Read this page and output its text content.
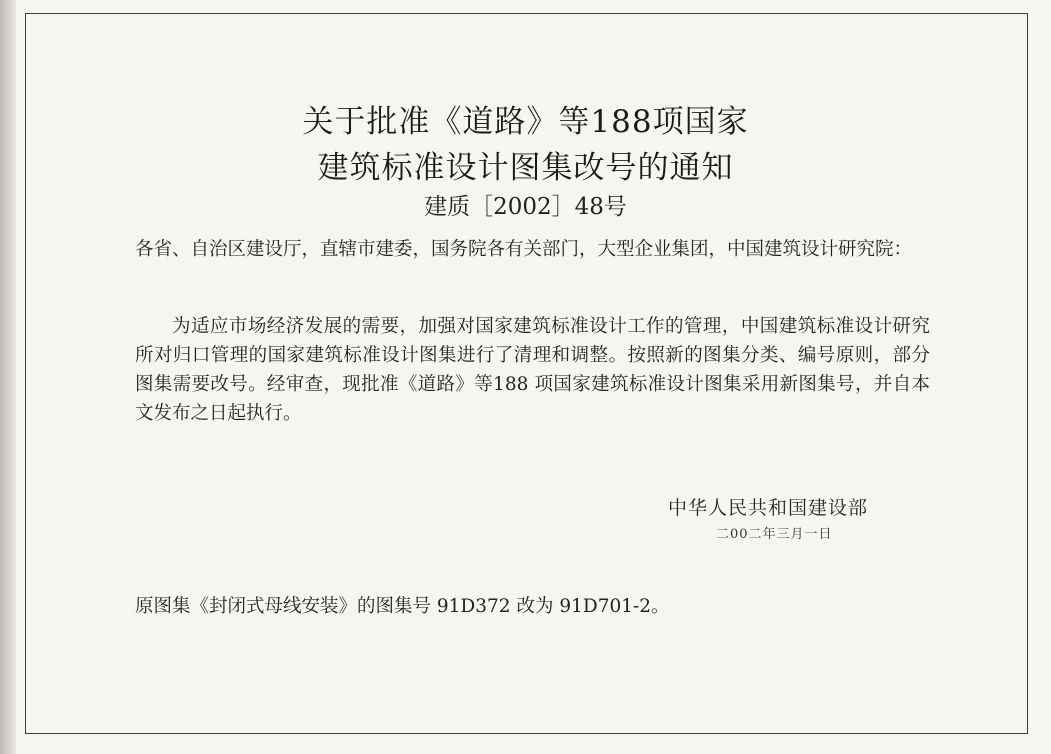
关于批准《道路》等188项国家
建筑标准设计图集改号的通知
建质［2002］48号
各省、自治区建设厅，直辖市建委，国务院各有关部门，大型企业集团，中国建筑设计研究院：
为适应市场经济发展的需要，加强对国家建筑标准设计工作的管理，中国建筑标准设计研究所对归口管理的国家建筑标准设计图集进行了清理和调整。按照新的图集分类、编号原则，部分图集需要改号。经审查，现批准《道路》等188 项国家建筑标准设计图集采用新图集号，并自本文发布之日起执行。
中华人民共和国建设部
二00二年三月一日
原图集《封闭式母线安装》的图集号 91D372 改为 91D701-2。
